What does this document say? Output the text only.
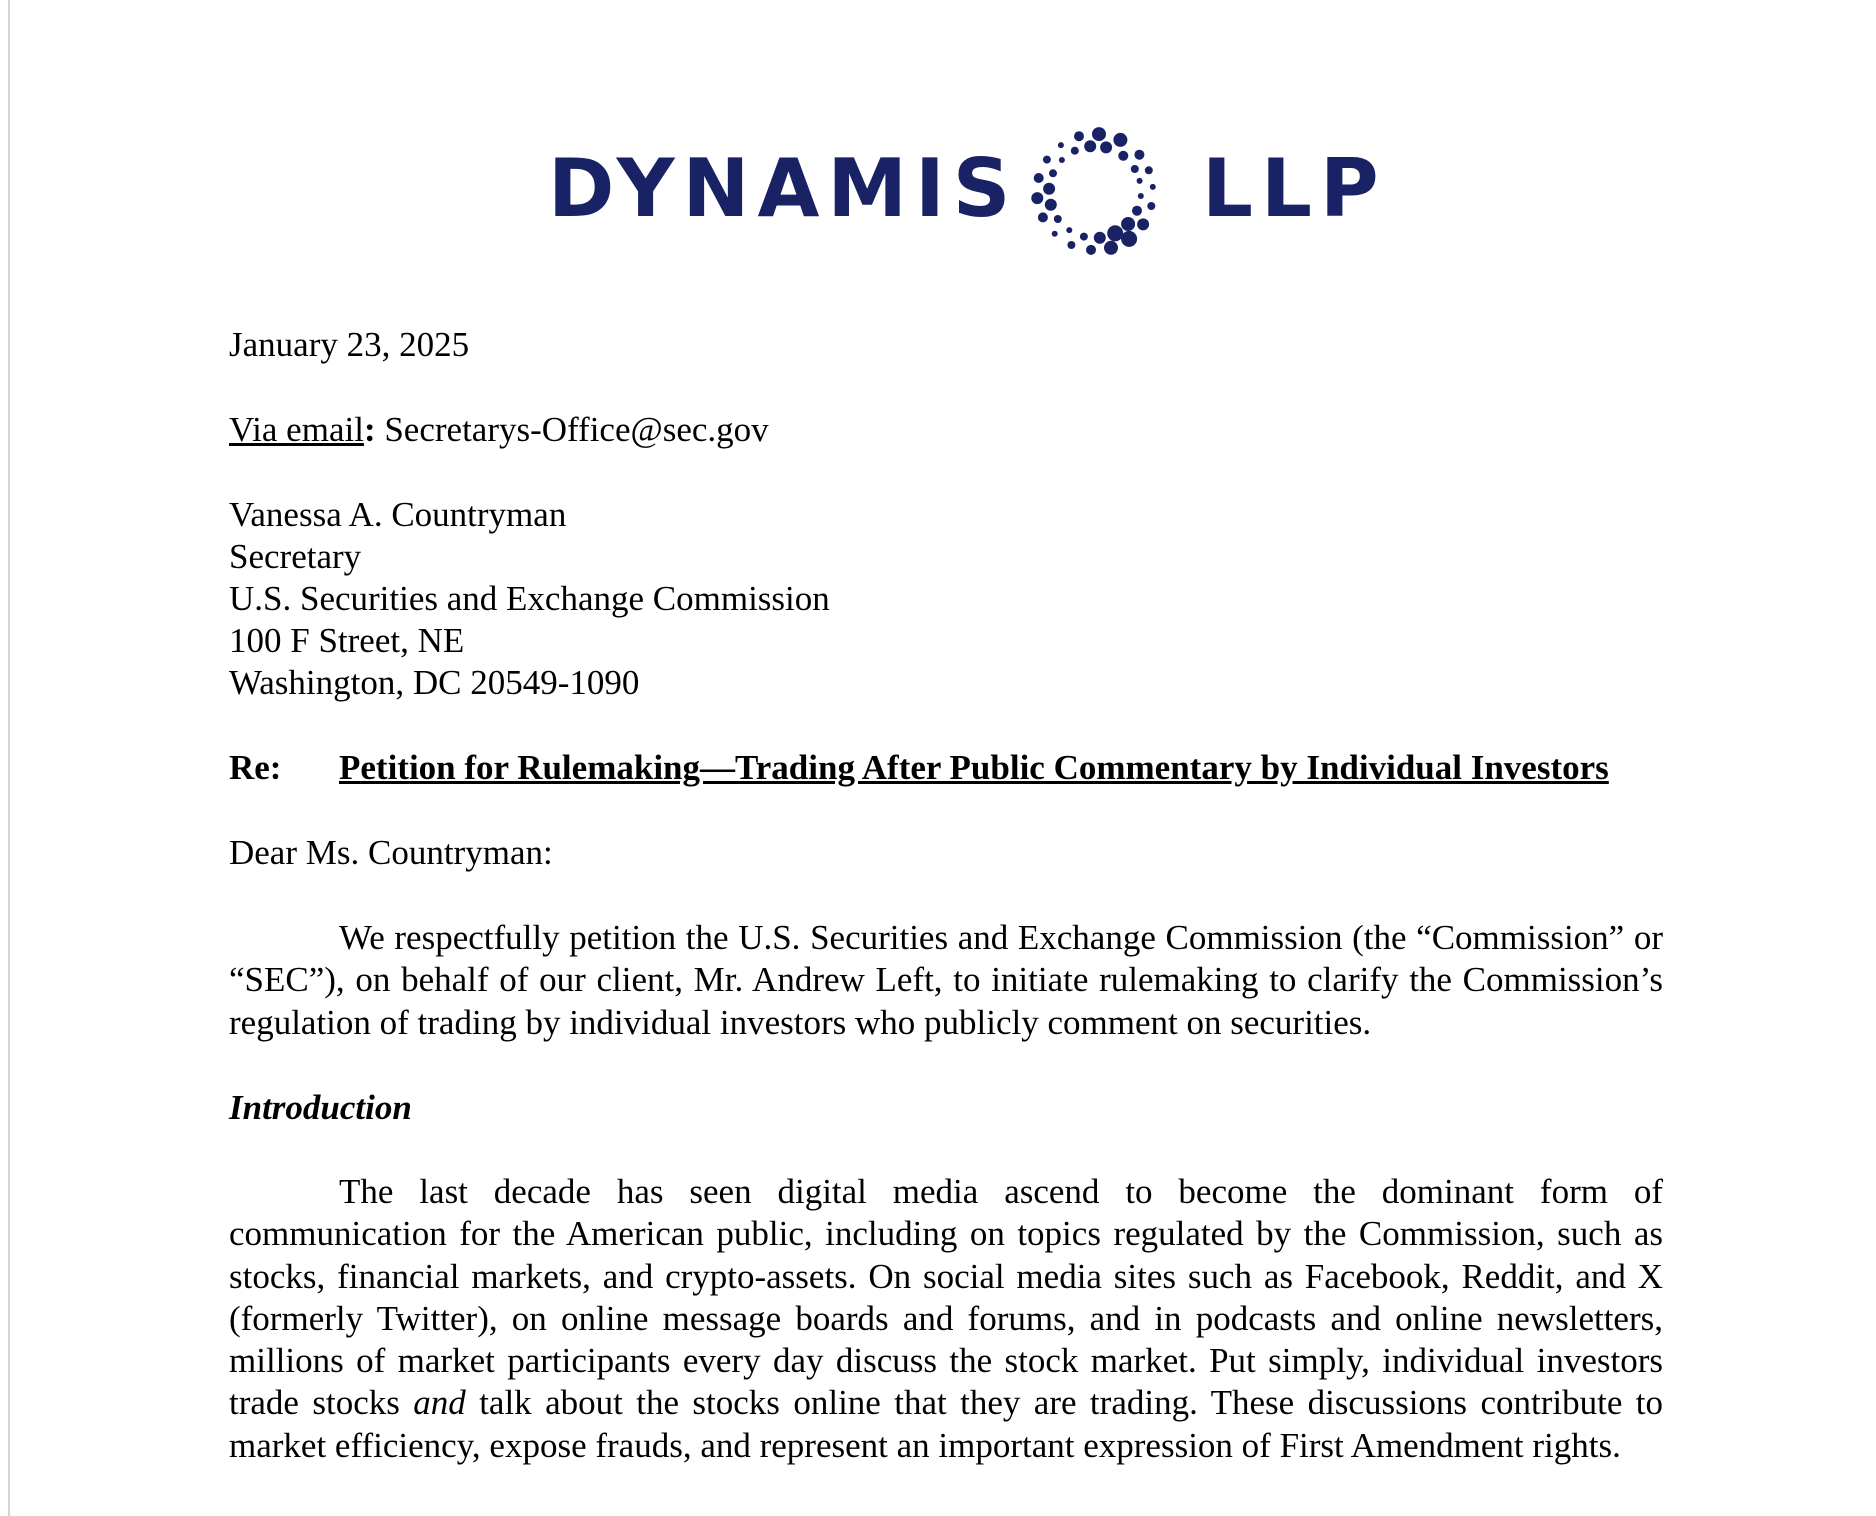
DYNAMIS LLP
January 23, 2025
Via email: Secretarys-Office@sec.gov
Vanessa A. Countryman
Secretary
U.S. Securities and Exchange Commission
100 F Street, NE
Washington, DC 20549-1090
Re: Petition for Rulemaking—Trading After Public Commentary by Individual Investors
Dear Ms. Countryman:
We respectfully petition the U.S. Securities and Exchange Commission (the “Commission” or “SEC”), on behalf of our client, Mr. Andrew Left, to initiate rulemaking to clarify the Commission’s regulation of trading by individual investors who publicly comment on securities.
Introduction
The last decade has seen digital media ascend to become the dominant form of communication for the American public, including on topics regulated by the Commission, such as stocks, financial markets, and crypto-assets. On social media sites such as Facebook, Reddit, and X (formerly Twitter), on online message boards and forums, and in podcasts and online newsletters, millions of market participants every day discuss the stock market. Put simply, individual investors trade stocks and talk about the stocks online that they are trading. These discussions contribute to market efficiency, expose frauds, and represent an important expression of First Amendment rights.
